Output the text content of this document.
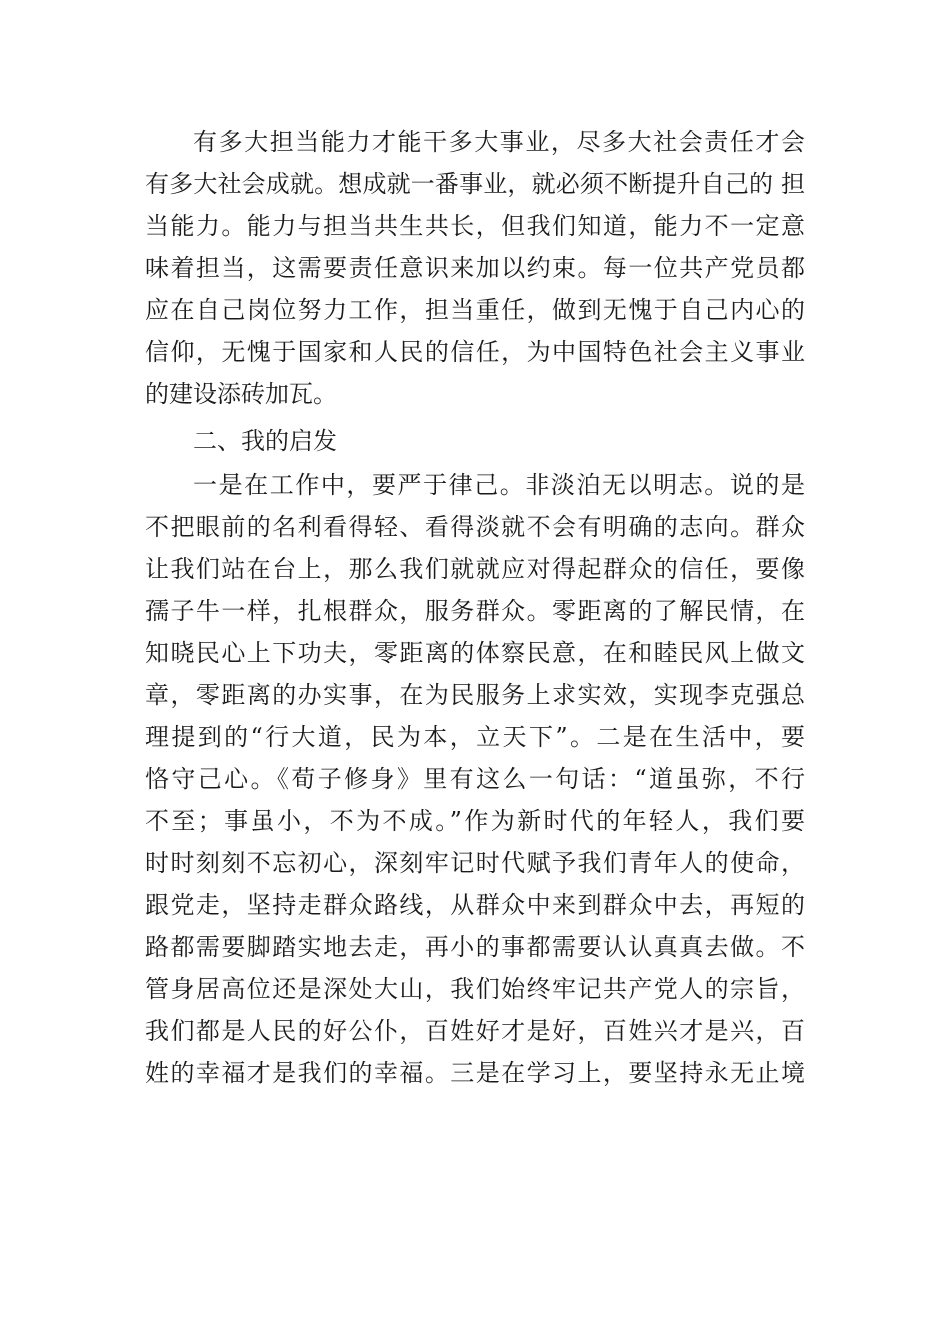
有多大担当能力才能干多大事业，尽多大社会责任才会
有多大社会成就。想成就一番事业，就必须不断提升自己的 担
当能力。能力与担当共生共长，但我们知道，能力不一定意
味着担当，这需要责任意识来加以约束。每一位共产党员都
应在自己岗位努力工作，担当重任，做到无愧于自己内心的
信仰，无愧于国家和人民的信任，为中国特色社会主义事业
的建设添砖加瓦。
二、我的启发
一是在工作中，要严于律己。非淡泊无以明志。说的是
不把眼前的名利看得轻、看得淡就不会有明确的志向。群众
让我们站在台上，那么我们就就应对得起群众的信任，要像
孺子牛一样，扎根群众，服务群众。零距离的了解民情，在
知晓民心上下功夫，零距离的体察民意，在和睦民风上做文
章，零距离的办实事，在为民服务上求实效，实现李克强总
理提到的“行大道，民为本，立天下”。二是在生活中，要
恪守己心。《荀子修身》里有这么一句话：“道虽弥，不行
不至；事虽小，不为不成。”作为新时代的年轻人，我们要
时时刻刻不忘初心，深刻牢记时代赋予我们青年人的使命，
跟党走，坚持走群众路线，从群众中来到群众中去，再短的
路都需要脚踏实地去走，再小的事都需要认认真真去做。不
管身居高位还是深处大山，我们始终牢记共产党人的宗旨，
我们都是人民的好公仆，百姓好才是好，百姓兴才是兴，百
姓的幸福才是我们的幸福。三是在学习上，要坚持永无止境
